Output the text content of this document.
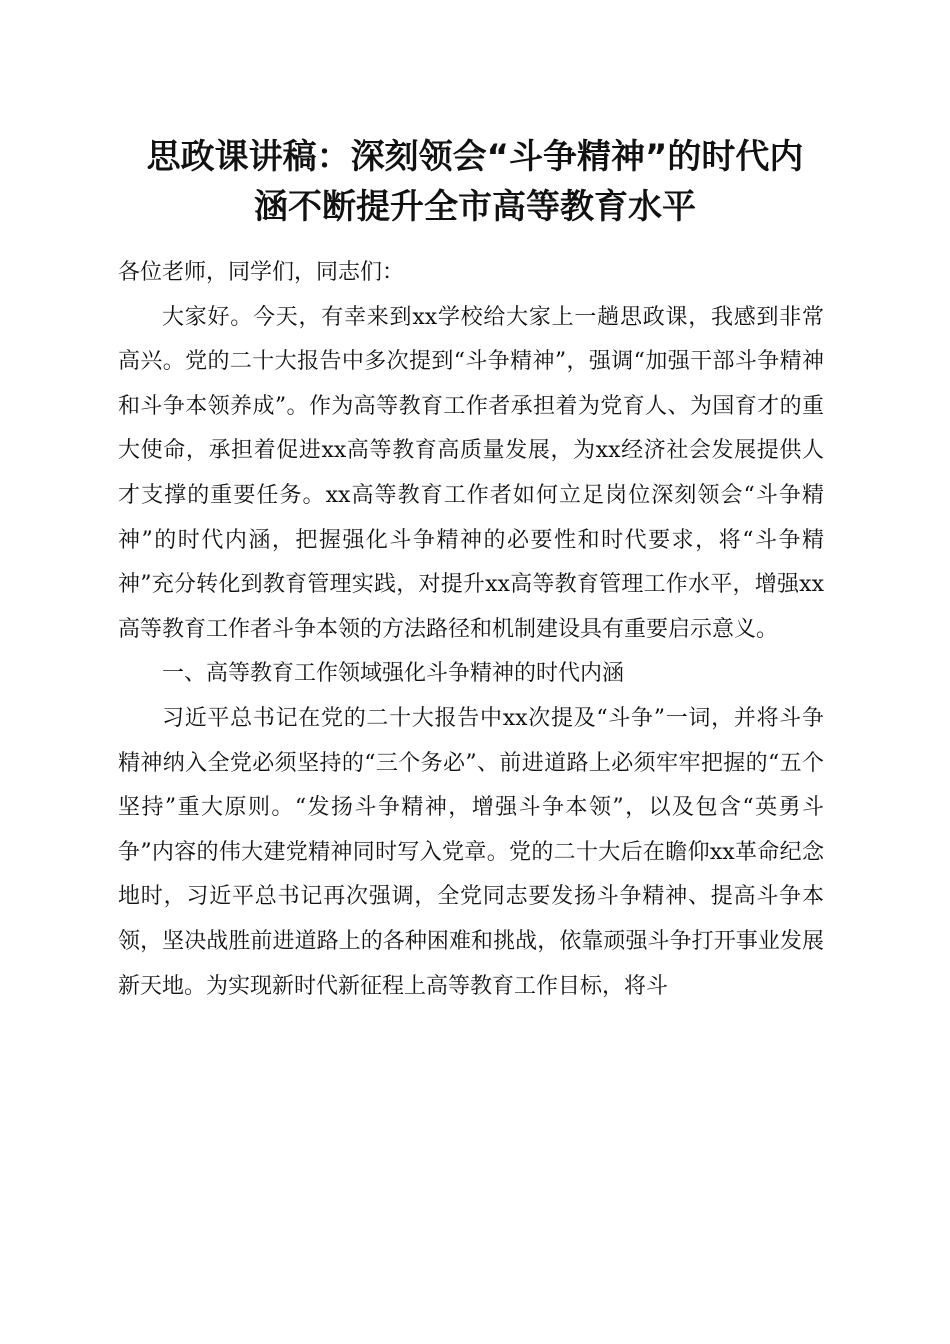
思政课讲稿：深刻领会“斗争精神”的时代内
涵不断提升全市高等教育水平

各位老师，同学们，同志们：

大家好。今天，有幸来到xx学校给大家上一趟思政课，我感到非常高兴。党的二十大报告中多次提到“斗争精神”，强调“加强干部斗争精神和斗争本领养成”。作为高等教育工作者承担着为党育人、为国育才的重大使命，承担着促进xx高等教育高质量发展，为xx经济社会发展提供人才支撑的重要任务。xx高等教育工作者如何立足岗位深刻领会“斗争精神”的时代内涵，把握强化斗争精神的必要性和时代要求，将“斗争精神”充分转化到教育管理实践，对提升xx高等教育管理工作水平，增强xx高等教育工作者斗争本领的方法路径和机制建设具有重要启示意义。

一、高等教育工作领域强化斗争精神的时代内涵

习近平总书记在党的二十大报告中xx次提及“斗争”一词，并将斗争精神纳入全党必须坚持的“三个务必”、前进道路上必须牢牢把握的“五个坚持”重大原则。“发扬斗争精神，增强斗争本领”，以及包含“英勇斗争”内容的伟大建党精神同时写入党章。党的二十大后在瞻仰xx革命纪念地时，习近平总书记再次强调，全党同志要发扬斗争精神、提高斗争本领，坚决战胜前进道路上的各种困难和挑战，依靠顽强斗争打开事业发展新天地。为实现新时代新征程上高等教育工作目标，将斗
